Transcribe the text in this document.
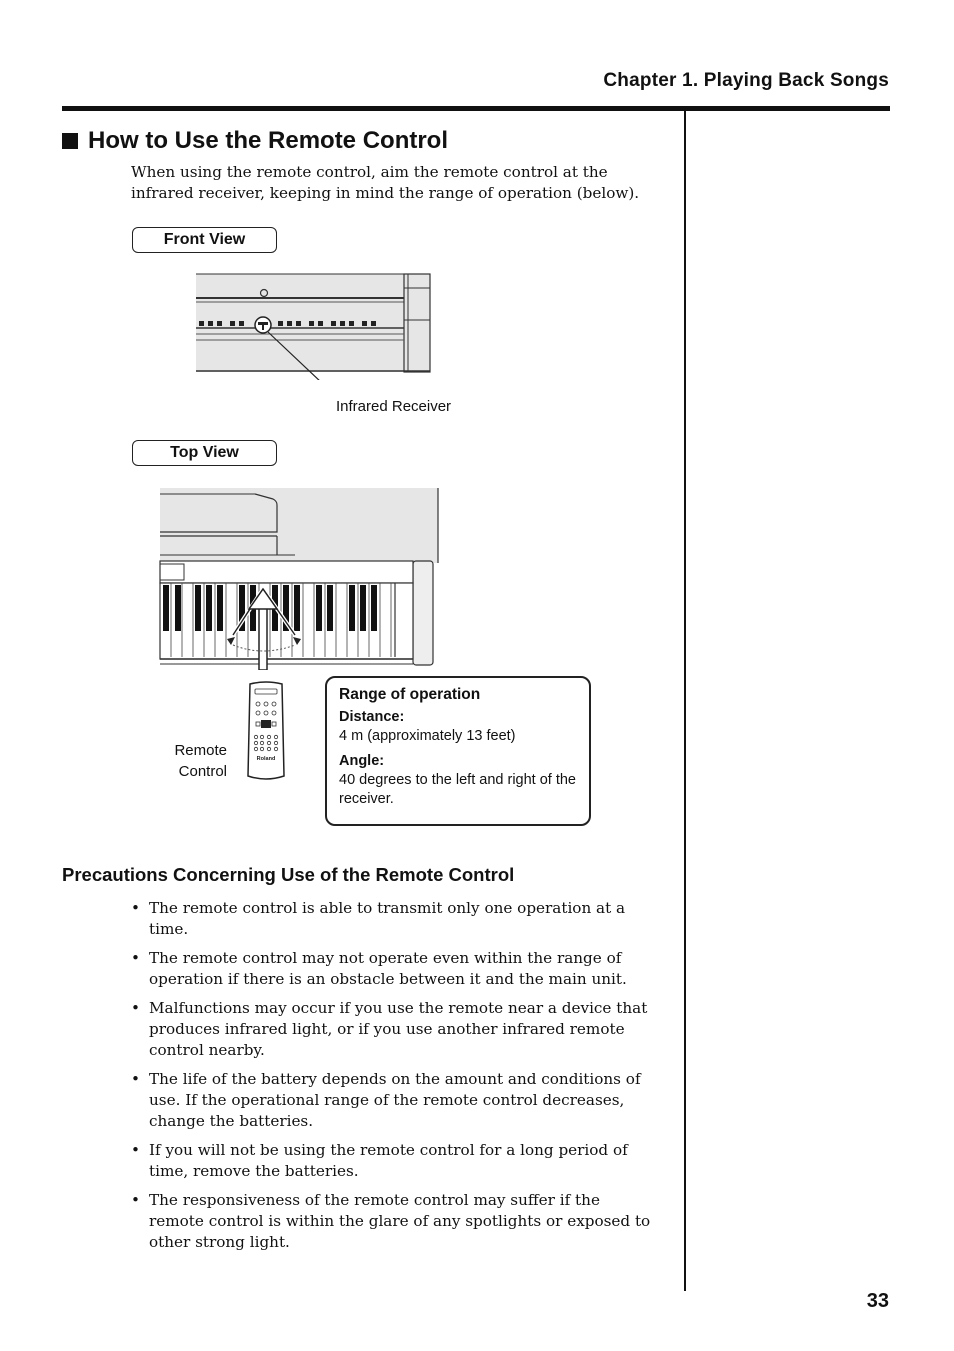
Chapter 1. Playing Back Songs
How to Use the Remote Control
When using the remote control, aim the remote control at the infrared receiver, keeping in mind the range of operation (below).
Front View
Infrared Receiver
Top View
Remote
Control
Roland
Range of operation
Distance:
4 m (approximately 13 feet)
Angle:
40 degrees to the left and right of the receiver.
Precautions Concerning Use of the Remote Control
• The remote control is able to transmit only one operation at a time.
• The remote control may not operate even within the range of operation if there is an obstacle between it and the main unit.
• Malfunctions may occur if you use the remote near a device that produces infrared light, or if you use another infrared remote control nearby.
• The life of the battery depends on the amount and conditions of use. If the operational range of the remote control decreases, change the batteries.
• If you will not be using the remote control for a long period of time, remove the batteries.
• The responsiveness of the remote control may suffer if the remote control is within the glare of any spotlights or exposed to other strong light.
33
